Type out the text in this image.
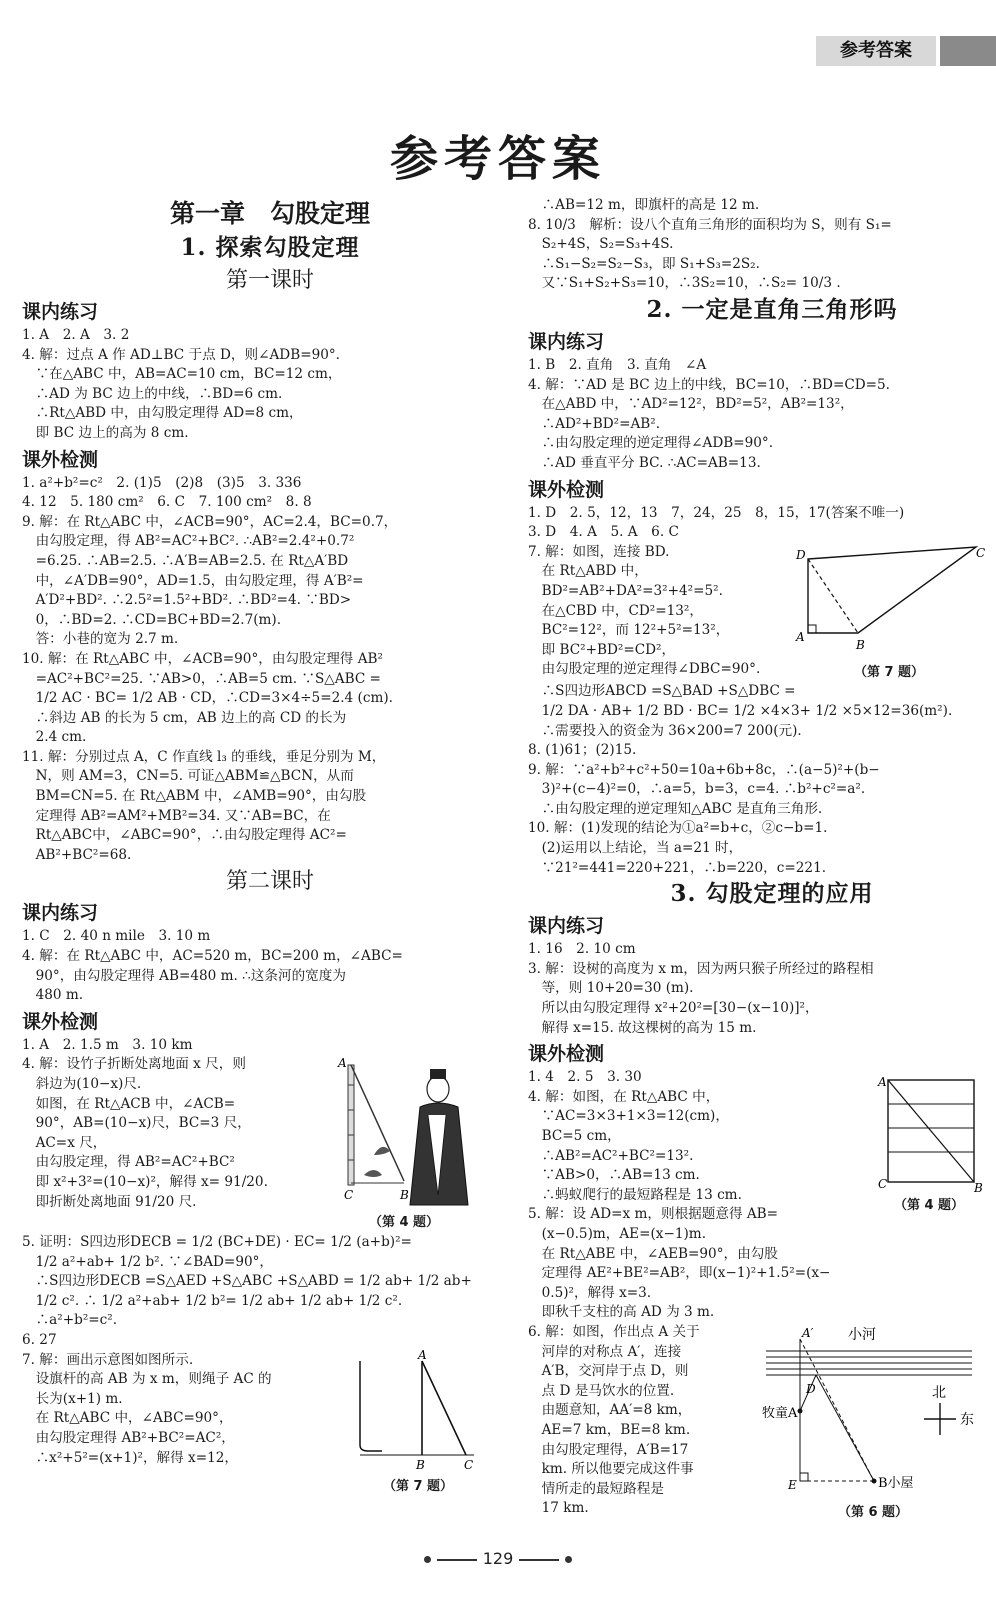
参考答案
参考答案
第一章　勾股定理
1. 探索勾股定理
第一课时
课内练习

1. A　2. A　3. 2

4. 解：过点 A 作 AD⊥BC 于点 D，则∠ADB=90°.

　∵在△ABC 中，AB=AC=10 cm，BC=12 cm，

　∴AD 为 BC 边上的中线，∴BD=6 cm.

　∴Rt△ABD 中，由勾股定理得 AD=8 cm，

　即 BC 边上的高为 8 cm.

课外检测

1. a²+b²=c²　2. (1)5　(2)8　(3)5　3. 336

4. 12　5. 180 cm²　6. C　7. 100 cm²　8. 8

9. 解：在 Rt△ABC 中，∠ACB=90°，AC=2.4，BC=0.7，

　由勾股定理，得 AB²=AC²+BC². ∴AB²=2.4²+0.7²

　=6.25. ∴AB=2.5. ∴A′B=AB=2.5. 在 Rt△A′BD

　中，∠A′DB=90°，AD=1.5，由勾股定理，得 A′B²=

　A′D²+BD². ∴2.5²=1.5²+BD². ∴BD²=4. ∵BD>

　0，∴BD=2. ∴CD=BC+BD=2.7(m).

　答：小巷的宽为 2.7 m.

10. 解：在 Rt△ABC 中，∠ACB=90°，由勾股定理得 AB²

　=AC²+BC²=25. ∵AB>0，∴AB=5 cm. ∵S△ABC =

　1/2 AC · BC= 1/2 AB · CD，∴CD=3×4÷5=2.4 (cm).

　∴斜边 AB 的长为 5 cm，AB 边上的高 CD 的长为

　2.4 cm.

11. 解：分别过点 A，C 作直线 l₃ 的垂线，垂足分别为 M，

　N，则 AM=3，CN=5. 可证△ABM≌△BCN，从而

　BM=CN=5. 在 Rt△ABM 中，∠AMB=90°，由勾股

　定理得 AB²=AM²+MB²=34. 又∵AB=BC，在

　Rt△ABC中，∠ABC=90°，∴由勾股定理得 AC²=

　AB²+BC²=68.

第二课时
课内练习

1. C　2. 40 n mile　3. 10 m

4. 解：在 Rt△ABC 中，AC=520 m，BC=200 m，∠ABC=

　90°，由勾股定理得 AB=480 m. ∴这条河的宽度为

　480 m.

课外检测

1. A　2. 1.5 m　3. 10 km

4. 解：设竹子折断处离地面 x 尺，则

　斜边为(10−x)尺.

　如图，在 Rt△ACB 中，∠ACB=

　90°，AB=(10−x)尺，BC=3 尺，

　AC=x 尺，

　由勾股定理，得 AB²=AC²+BC²

　即 x²+3²=(10−x)²，解得 x= 91/20.

　即折断处离地面 91/20 尺.

A
C	B
（第 4 题）

5. 证明：S四边形DECB = 1/2 (BC+DE) · EC= 1/2 (a+b)²=

　1/2 a²+ab+ 1/2 b². ∵∠BAD=90°，

　∴S四边形DECB =S△AED +S△ABC +S△ABD = 1/2 ab+ 1/2 ab+

　1/2 c². ∴ 1/2 a²+ab+ 1/2 b²= 1/2 ab+ 1/2 ab+ 1/2 c².

　∴a²+b²=c².

6. 27

7. 解：画出示意图如图所示.

　设旗杆的高 AB 为 x m，则绳子 AC 的

　长为(x+1) m.

　在 Rt△ABC 中，∠ABC=90°，

　由勾股定理得 AB²+BC²=AC²，

　∴x²+5²=(x+1)²，解得 x=12，

A
B	C
（第 7 题）

　∴AB=12 m，即旗杆的高是 12 m.

8. 10/3　解析：设八个直角三角形的面积均为 S，则有 S₁=

　S₂+4S，S₂=S₃+4S.

　∴S₁−S₂=S₂−S₃，即 S₁+S₃=2S₂.

　又∵S₁+S₂+S₃=10，∴3S₂=10，∴S₂= 10/3 .

2. 一定是直角三角形吗
课内练习

1. B　2. 直角　3. 直角　∠A

4. 解：∵AD 是 BC 边上的中线，BC=10，∴BD=CD=5.

　在△ABD 中，∵AD²=12²，BD²=5²，AB²=13²，

　∴AD²+BD²=AB².

　∴由勾股定理的逆定理得∠ADB=90°.

　∴AD 垂直平分 BC. ∴AC=AB=13.

课外检测

1. D　2. 5，12，13　7，24，25　8，15，17(答案不唯一)

3. D　4. A　5. A　6. C

7. 解：如图，连接 BD.

　在 Rt△ABD 中，

　BD²=AB²+DA²=3²+4²=5².

　在△CBD 中，CD²=13²，

　BC²=12²，而 12²+5²=13²，

　即 BC²+BD²=CD²，

　由勾股定理的逆定理得∠DBC=90°.

D	C
A
B
（第 7 题）

　∴S四边形ABCD =S△BAD +S△DBC =

　1/2 DA · AB+ 1/2 BD · BC= 1/2 ×4×3+ 1/2 ×5×12=36(m²).

　∴需要投入的资金为 36×200=7 200(元).

8. (1)61；(2)15.

9. 解：∵a²+b²+c²+50=10a+6b+8c，∴(a−5)²+(b−

　3)²+(c−4)²=0，∴a=5，b=3，c=4. ∴b²+c²=a².

　∴由勾股定理的逆定理知△ABC 是直角三角形.

10. 解：(1)发现的结论为①a²=b+c，②c−b=1.

　(2)运用以上结论，当 a=21 时，

　∵21²=441=220+221，∴b=220，c=221.

3. 勾股定理的应用
课内练习

1. 16　2. 10 cm

3. 解：设树的高度为 x m，因为两只猴子所经过的路程相

　等，则 10+20=30 (m).

　所以由勾股定理得 x²+20²=[30−(x−10)]²，

　解得 x=15. 故这棵树的高为 15 m.

课外检测

1. 4　2. 5　3. 30

4. 解：如图，在 Rt△ABC 中，

　∵AC=3×3+1×3=12(cm)，

　BC=5 cm，

　∴AB²=AC²+BC²=13².

　∵AB>0，∴AB=13 cm.

　∴蚂蚁爬行的最短路程是 13 cm.

5. 解：设 AD=x m，则根据题意得 AB=

　(x−0.5)m，AE=(x−1)m.

　在 Rt△ABE 中，∠AEB=90°，由勾股

　定理得 AE²+BE²=AB²，即(x−1)²+1.5²=(x−

　0.5)²，解得 x=3.

　即秋千支柱的高 AD 为 3 m.

A
C	B
（第 4 题）

6. 解：如图，作出点 A 关于

　河岸的对称点 A′，连接

　A′B，交河岸于点 D，则

　点 D 是马饮水的位置.

　由题意知，AA′=8 km，

　AE=7 km，BE=8 km.

　由勾股定理得，A′B=17

　km. 所以他要完成这件事

　情所走的最短路程是

　17 km.

A′ 小河
D
牧童A
B小屋
E
北
东
（第 6 题）
129
